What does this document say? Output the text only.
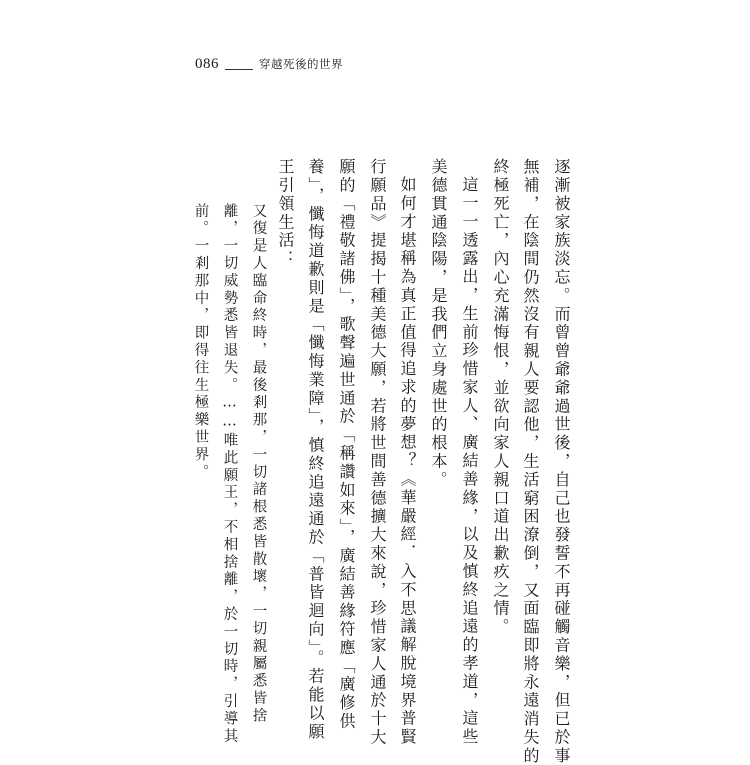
086	穿越死後的世界

逐漸被家族淡忘。而曾曾爺爺過世後，自己也發誓不再碰觸音樂，但已於事

無補，在陰間仍然沒有親人要認他，生活窮困潦倒，又面臨即將永遠消失的

終極死亡，內心充滿悔恨，並欲向家人親口道出歉疚之情。

這一一透露出，生前珍惜家人、廣結善緣，以及慎終追遠的孝道，這些

美德貫通陰陽，是我們立身處世的根本。

如何才堪稱為真正值得追求的夢想？《華嚴經．入不思議解脫境界普賢

行願品》提揭十種美德大願，若將世間善德擴大來說，珍惜家人通於十大

願的「禮敬諸佛」，歌聲遍世通於「稱讚如來」，廣結善緣符應「廣修供

養」，懺悔道歉則是「懺悔業障」，慎終追遠通於「普皆迴向」。若能以願

王引領生活：

又復是人臨命終時，最後剎那，一切諸根悉皆散壞，一切親屬悉皆捨

離，一切威勢悉皆退失。……唯此願王，不相捨離，於一切時，引導其

前。一剎那中，即得往生極樂世界。
